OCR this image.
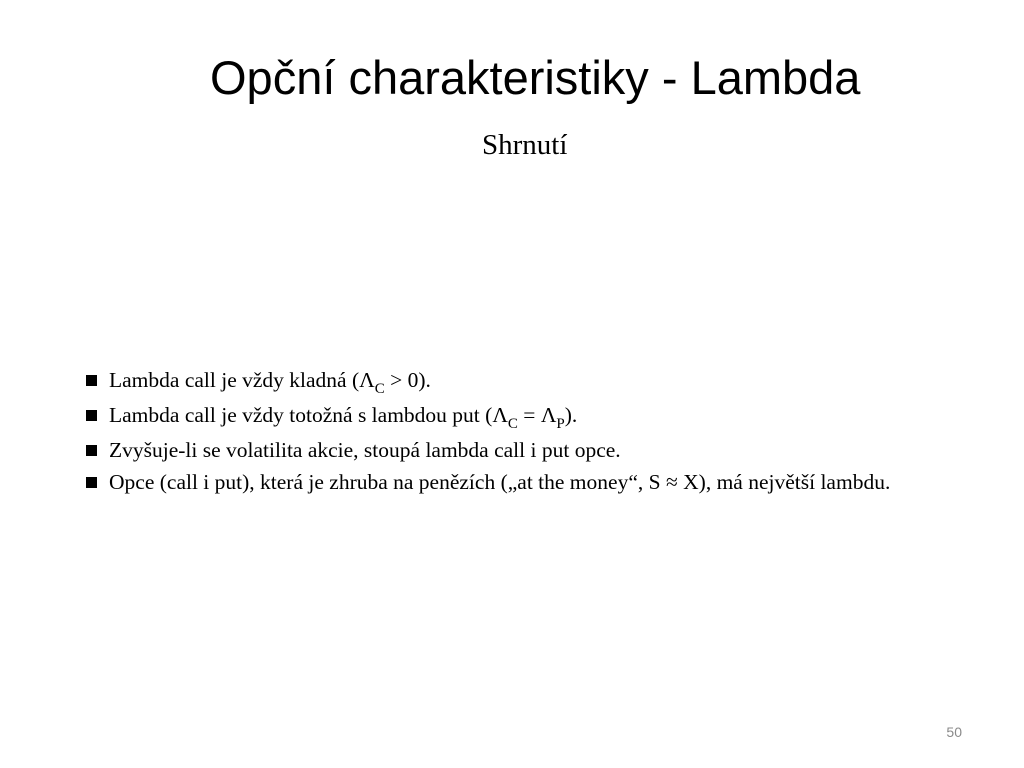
Opční charakteristiky - Lambda
Shrnutí
Lambda call je vždy kladná $(\Lambda_C > 0)$.
Lambda call je vždy totožná s lambdou put $(\Lambda_C = \Lambda_P)$.
Zvyšuje-li se volatilita akcie, stoupá lambda call i put opce.
Opce (call i put), která je zhruba na penězích („at the money“, S ≈ X), má největší lambdu.
50
